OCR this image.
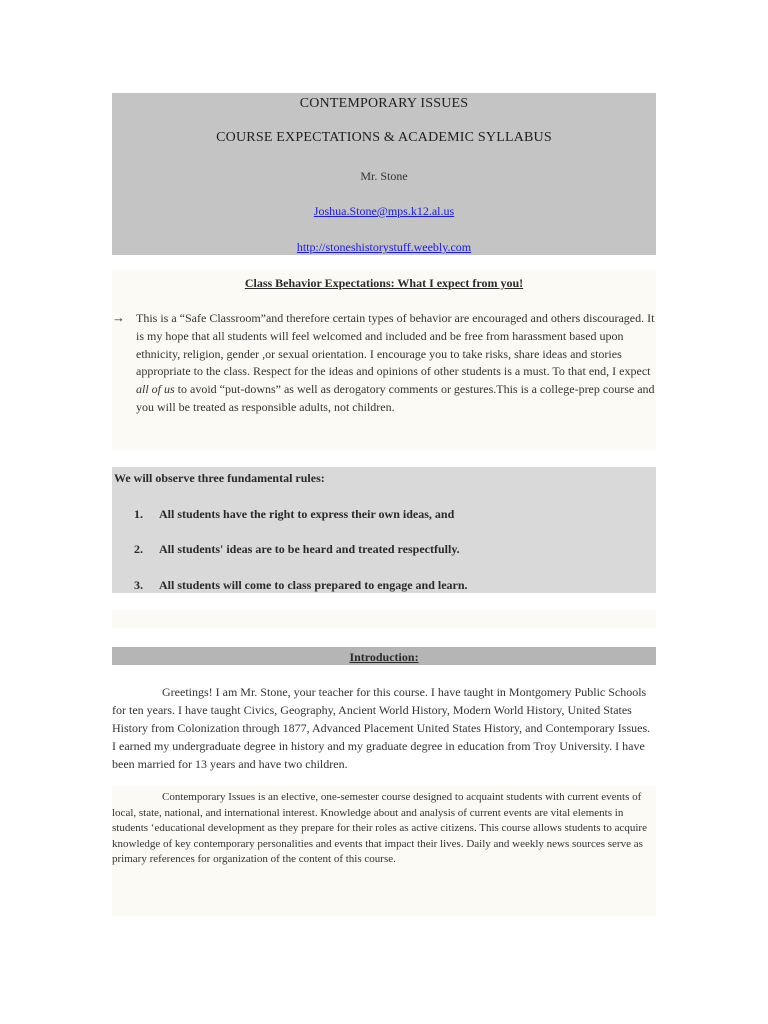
CONTEMPORARY ISSUES
COURSE EXPECTATIONS & ACADEMIC SYLLABUS
Mr. Stone
Joshua.Stone@mps.k12.al.us
http://stoneshistorystuff.weebly.com
Class Behavior Expectations: What I expect from you!
→ This is a “Safe Classroom”and therefore certain types of behavior are encouraged and others discouraged. It is my hope that all students will feel welcomed and included and be free from harassment based upon ethnicity, religion, gender ,or sexual orientation. I encourage you to take risks, share ideas and stories appropriate to the class. Respect for the ideas and opinions of other students is a must. To that end, I expect all of us to avoid “put-downs” as well as derogatory comments or gestures.This is a college-prep course and you will be treated as responsible adults, not children.
We will observe three fundamental rules:
1. All students have the right to express their own ideas, and
2. All students' ideas are to be heard and treated respectfully.
3. All students will come to class prepared to engage and learn.
Introduction:

Greetings! I am Mr. Stone, your teacher for this course. I have taught in Montgomery Public Schools for ten years. I have taught Civics, Geography, Ancient World History, Modern World History, United States History from Colonization through 1877, Advanced Placement United States History, and Contemporary Issues. I earned my undergraduate degree in history and my graduate degree in education from Troy University. I have been married for 13 years and have two children.

Contemporary Issues is an elective, one-semester course designed to acquaint students with current events of local, state, national, and international interest. Knowledge about and analysis of current events are vital elements in students ‘educational development as they prepare for their roles as active citizens. This course allows students to acquire knowledge of key contemporary personalities and events that impact their lives. Daily and weekly news sources serve as primary references for organization of the content of this course.
